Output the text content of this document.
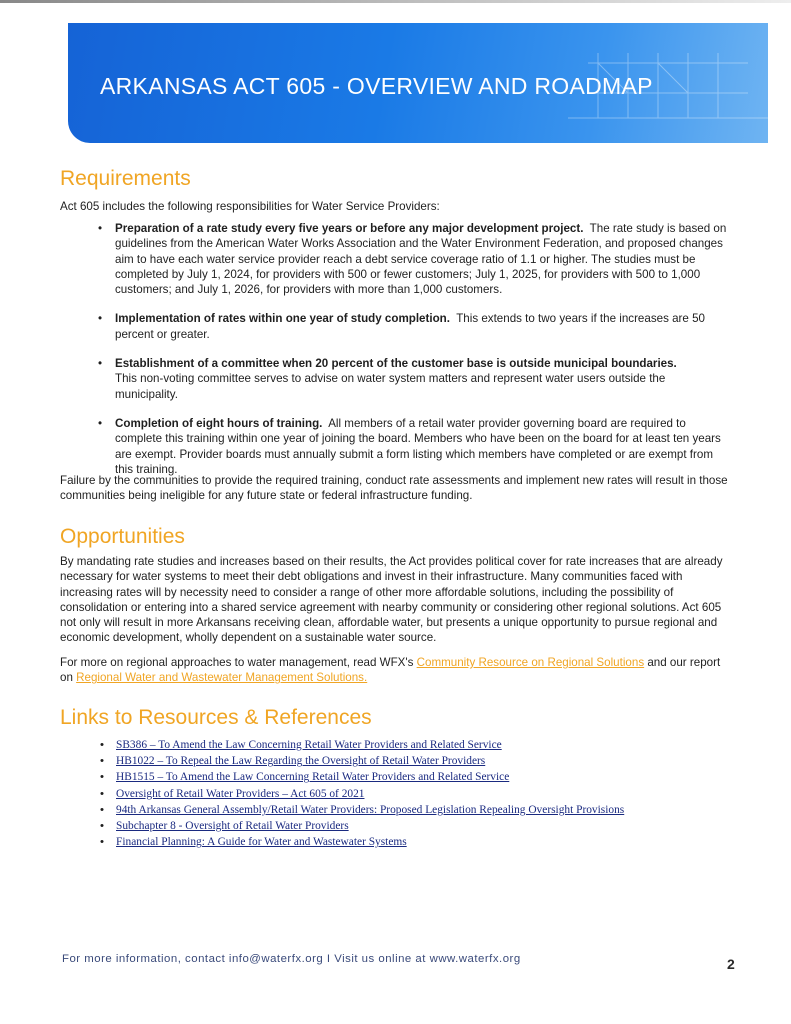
ARKANSAS ACT 605 - OVERVIEW AND ROADMAP
Requirements

Act 605 includes the following responsibilities for Water Service Providers:

• Preparation of a rate study every five years or before any major development project. The rate study is based on guidelines from the American Water Works Association and the Water Environment Federation, and proposed changes aim to have each water service provider reach a debt service coverage ratio of 1.1 or higher. The studies must be completed by July 1, 2024, for providers with 500 or fewer customers; July 1, 2025, for providers with 500 to 1,000 customers; and July 1, 2026, for providers with more than 1,000 customers.
• Implementation of rates within one year of study completion. This extends to two years if the increases are 50 percent or greater.
• Establishment of a committee when 20 percent of the customer base is outside municipal boundaries.
This non-voting committee serves to advise on water system matters and represent water users outside the municipality.
• Completion of eight hours of training. All members of a retail water provider governing board are required to complete this training within one year of joining the board. Members who have been on the board for at least ten years are exempt. Provider boards must annually submit a form listing which members have completed or are exempt from this training.

Failure by the communities to provide the required training, conduct rate assessments and implement new rates will result in those communities being ineligible for any future state or federal infrastructure funding.

Opportunities

By mandating rate studies and increases based on their results, the Act provides political cover for rate increases that are already necessary for water systems to meet their debt obligations and invest in their infrastructure. Many communities faced with increasing rates will by necessity need to consider a range of other more affordable solutions, including the possibility of consolidation or entering into a shared service agreement with nearby community or considering other regional solutions. Act 605 not only will result in more Arkansans receiving clean, affordable water, but presents a unique opportunity to pursue regional and economic development, wholly dependent on a sustainable water source.

For more on regional approaches to water management, read WFX's Community Resource on Regional Solutions and our report on Regional Water and Wastewater Management Solutions.

Links to Resources & References
• SB386 – To Amend the Law Concerning Retail Water Providers and Related Service
• HB1022 – To Repeal the Law Regarding the Oversight of Retail Water Providers
• HB1515 – To Amend the Law Concerning Retail Water Providers and Related Service
• Oversight of Retail Water Providers – Act 605 of 2021
• 94th Arkansas General Assembly/Retail Water Providers: Proposed Legislation Repealing Oversight Provisions
• Subchapter 8 - Oversight of Retail Water Providers
• Financial Planning: A Guide for Water and Wastewater Systems

For more information, contact info@waterfx.org I Visit us online at www.waterfx.org	2
